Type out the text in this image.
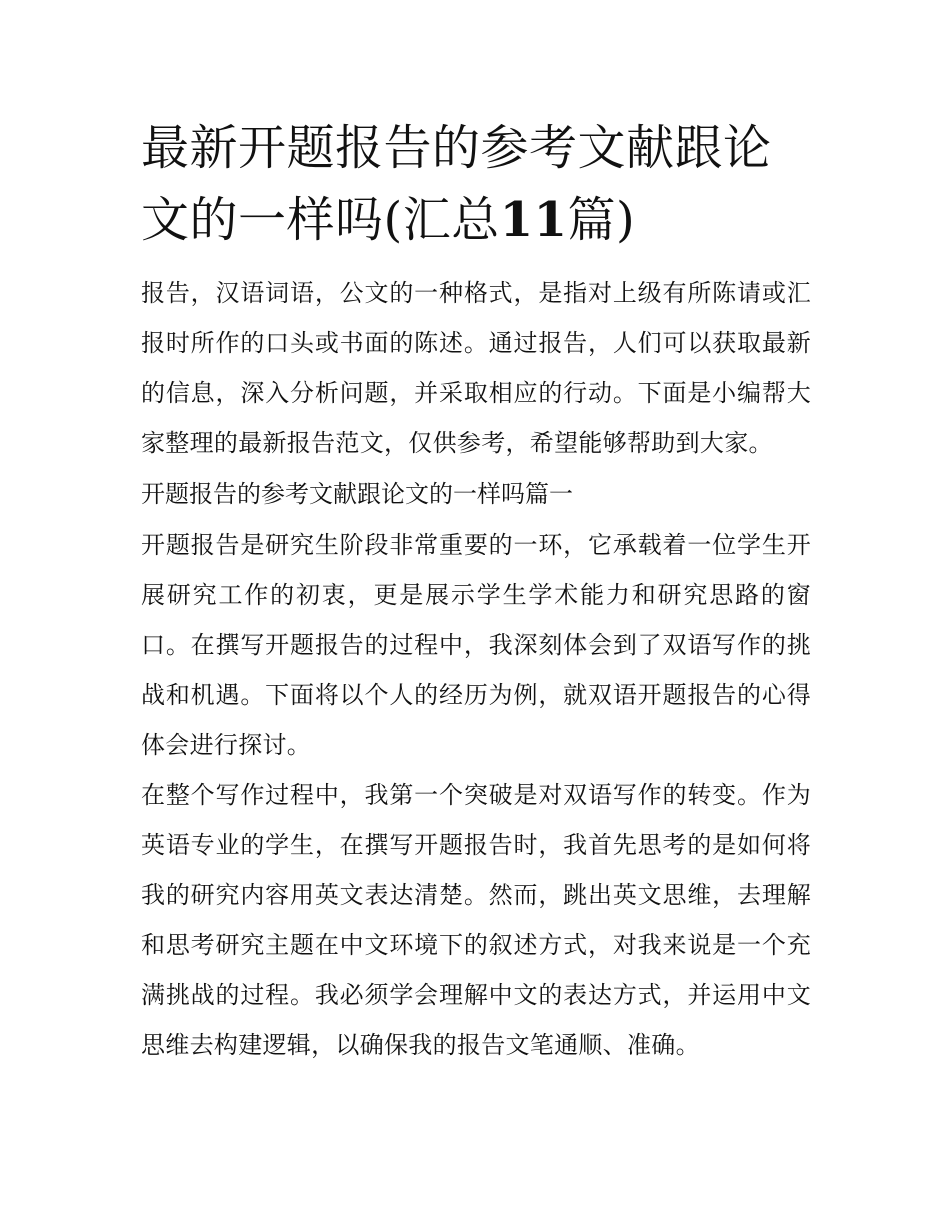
最新开题报告的参考文献跟论文的一样吗(汇总11篇)

报告，汉语词语，公文的一种格式，是指对上级有所陈请或汇报时所作的口头或书面的陈述。通过报告，人们可以获取最新的信息，深入分析问题，并采取相应的行动。下面是小编帮大家整理的最新报告范文，仅供参考，希望能够帮助到大家。

开题报告的参考文献跟论文的一样吗篇一

开题报告是研究生阶段非常重要的一环，它承载着一位学生开展研究工作的初衷，更是展示学生学术能力和研究思路的窗口。在撰写开题报告的过程中，我深刻体会到了双语写作的挑战和机遇。下面将以个人的经历为例，就双语开题报告的心得体会进行探讨。

在整个写作过程中，我第一个突破是对双语写作的转变。作为英语专业的学生，在撰写开题报告时，我首先思考的是如何将我的研究内容用英文表达清楚。然而，跳出英文思维，去理解和思考研究主题在中文环境下的叙述方式，对我来说是一个充满挑战的过程。我必须学会理解中文的表达方式，并运用中文思维去构建逻辑，以确保我的报告文笔通顺、准确。
